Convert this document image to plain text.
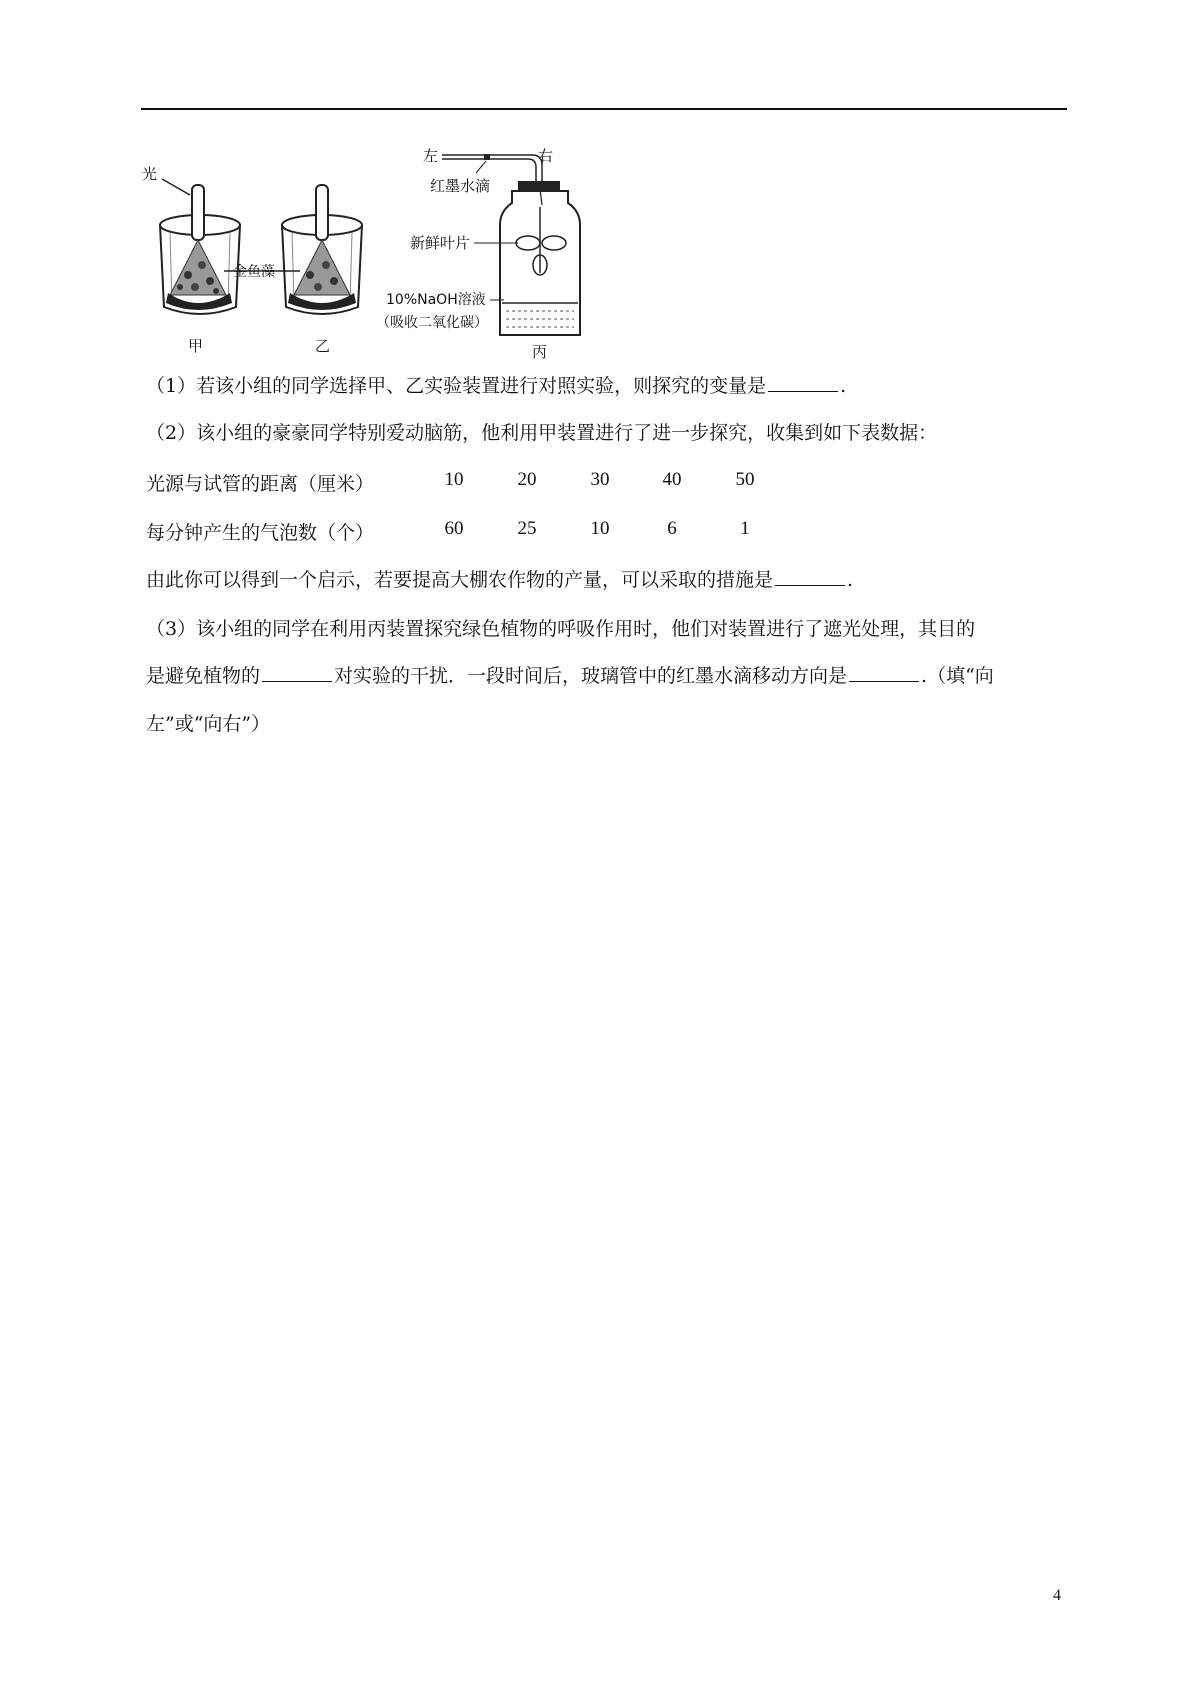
光
甲
金鱼藻
乙
左	右
红墨水滴
新鲜叶片
10%NaOH溶液
（吸收二氧化碳）
丙
（1）若该小组的同学选择甲、乙实验装置进行对照实验，则探究的变量是	.
（2）该小组的豪豪同学特别爱动脑筋，他利用甲装置进行了进一步探究，收集到如下表数据：
光源与试管的距离（厘米）	10	20	30	40	50
每分钟产生的气泡数（个）	60	25	10	6	1
由此你可以得到一个启示，若要提高大棚农作物的产量，可以采取的措施是	.
（3）该小组的同学在利用丙装置探究绿色植物的呼吸作用时，他们对装置进行了遮光处理，其目的
是避免植物的	对实验的干扰．一段时间后，玻璃管中的红墨水滴移动方向是	.（填“向
左”或“向右”）
4
